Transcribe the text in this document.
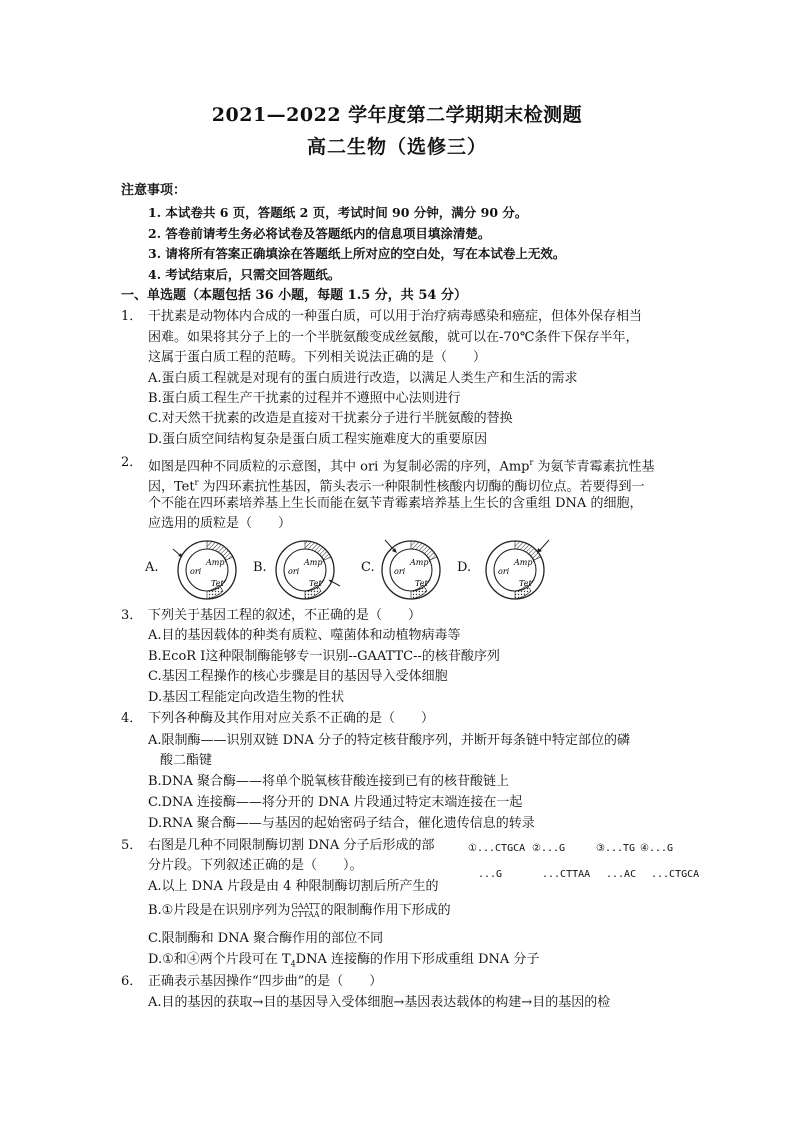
2021—2022 学年度第二学期期末检测题
高二生物（选修三）
注意事项：
1. 本试卷共 6 页，答题纸 2 页，考试时间 90 分钟，满分 90 分。
2. 答卷前请考生务必将试卷及答题纸内的信息项目填涂清楚。
3. 请将所有答案正确填涂在答题纸上所对应的空白处，写在本试卷上无效。
4. 考试结束后，只需交回答题纸。
一、单选题（本题包括 36 小题，每题 1.5 分，共 54 分）
1． 干扰素是动物体内合成的一种蛋白质，可以用于治疗病毒感染和癌症，但体外保存相当
困难。如果将其分子上的一个半胱氨酸变成丝氨酸，就可以在-70℃条件下保存半年，
这属于蛋白质工程的范畴。下列相关说法正确的是（　　）
A.蛋白质工程就是对现有的蛋白质进行改造，以满足人类生产和生活的需求
B.蛋白质工程生产干扰素的过程并不遵照中心法则进行
C.对天然干扰素的改造是直接对干扰素分子进行半胱氨酸的替换
D.蛋白质空间结构复杂是蛋白质工程实施难度大的重要原因
2． 如图是四种不同质粒的示意图，其中 ori 为复制必需的序列，Amp$^r$ 为氨苄青霉素抗性基
因，Tet$^r$ 为四环素抗性基因，箭头表示一种限制性核酸内切酶的酶切位点。若要得到一
个不能在四环素培养基上生长而能在氨苄青霉素培养基上生长的含重组 DNA 的细胞，
应选用的质粒是（　　）
A.	ori
Amp$^r$
Tet$^r$
B.	ori
Amp$^r$
Tet$^r$
C. ori
Amp$^r$
Tet$^r$
D.	ori
Amp$^r$
Tet$^r$
3． 下列关于基因工程的叙述，不正确的是（　　）
A.目的基因载体的种类有质粒、噬菌体和动植物病毒等
B.EcoR Ⅰ这种限制酶能够专一识别--GAATTC--的核苷酸序列
C.基因工程操作的核心步骤是目的基因导入受体细胞
D.基因工程能定向改造生物的性状
4． 下列各种酶及其作用对应关系不正确的是（　　）
A.限制酶——识别双链 DNA 分子的特定核苷酸序列，并断开每条链中特定部位的磷
酸二酯键
B.DNA 聚合酶——将单个脱氧核苷酸连接到已有的核苷酸链上
C.DNA 连接酶——将分开的 DNA 片段通过特定末端连接在一起
D.RNA 聚合酶——与基因的起始密码子结合，催化遗传信息的转录
5． 右图是几种不同限制酶切割 DNA 分子后形成的部
分片段。下列叙述正确的是（　　）。
①...CTGCA ②...G	③...TG ④...G
...G	...CTTAA ...AC ...CTGCA
A.以上 DNA 片段是由 4 种限制酶切割后所产生的
B.①片段是在识别序列为GAATT
CTTAA的限制酶作用下形成的
C.限制酶和 DNA 聚合酶作用的部位不同
D.①和④两个片段可在 $T_4DNA$ 连接酶的作用下形成重组 DNA 分子
6． 正确表示基因操作“四步曲”的是（　　）
A.目的基因的获取→目的基因导入受体细胞→基因表达载体的构建→目的基因的检
